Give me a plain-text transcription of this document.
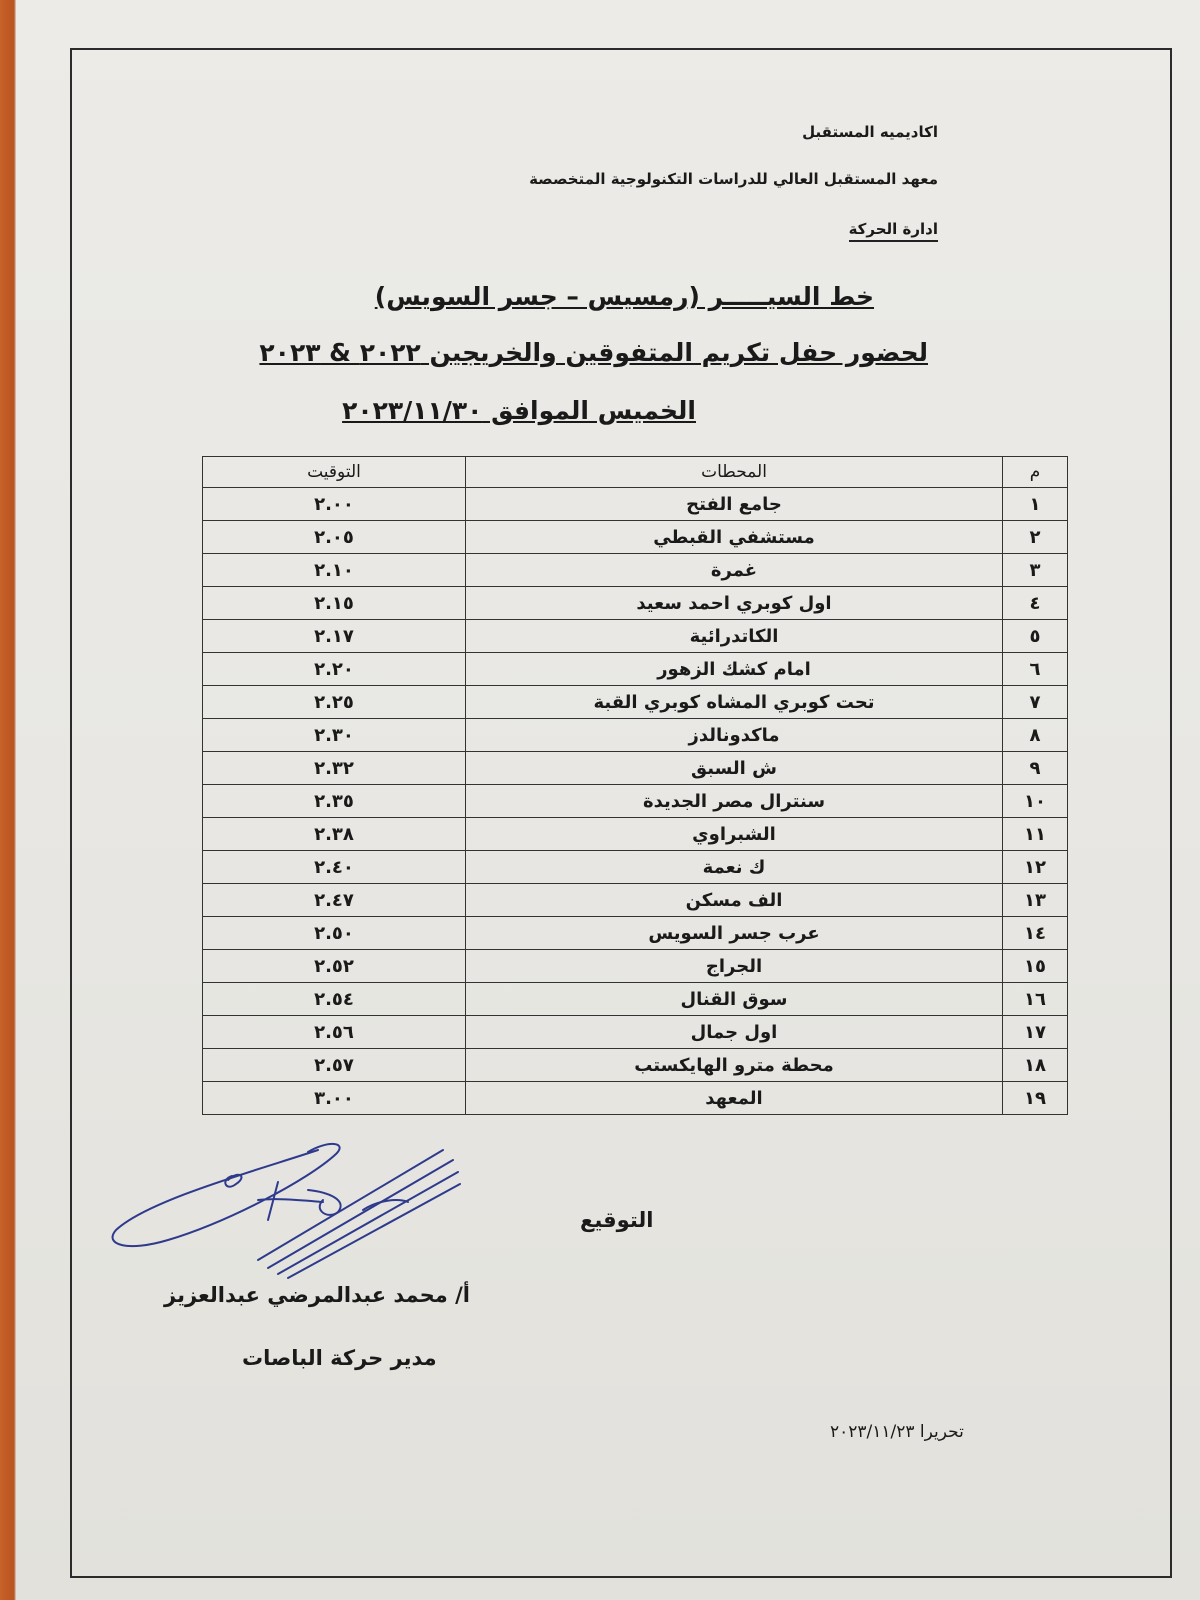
اكاديميه المستقبل
معهد المستقبل العالي للدراسات التكنولوجية المتخصصة
ادارة الحركة
خط السيـــــر (رمسيس – جسر السويس)
لحضور حفل تكريم المتفوقين والخريجين ٢٠٢٢ & ٢٠٢٣
الخميس الموافق ٢٠٢٣/١١/٣٠
م	المحطات	التوقيت
١	جامع الفتح	٢.٠٠
٢	مستشفي القبطي	٢.٠٥
٣	غمرة	٢.١٠
٤	اول كوبري احمد سعيد	٢.١٥
٥	الكاتدرائية	٢.١٧
٦	امام كشك الزهور	٢.٢٠
٧	تحت كوبري المشاه كوبري القبة	٢.٢٥
٨	ماكدونالدز	٢.٣٠
٩	ش السبق	٢.٣٢
١٠	سنترال مصر الجديدة	٢.٣٥
١١	الشبراوي	٢.٣٨
١٢	ك نعمة	٢.٤٠
١٣	الف مسكن	٢.٤٧
١٤	عرب جسر السويس	٢.٥٠
١٥	الجراج	٢.٥٢
١٦	سوق القنال	٢.٥٤
١٧	اول جمال	٢.٥٦
١٨	محطة مترو الهايكستب	٢.٥٧
١٩	المعهد	٣.٠٠
التوقيع
أ/ محمد عبدالمرضي عبدالعزيز
مدير حركة الباصات
تحريرا ٢٠٢٣/١١/٢٣
